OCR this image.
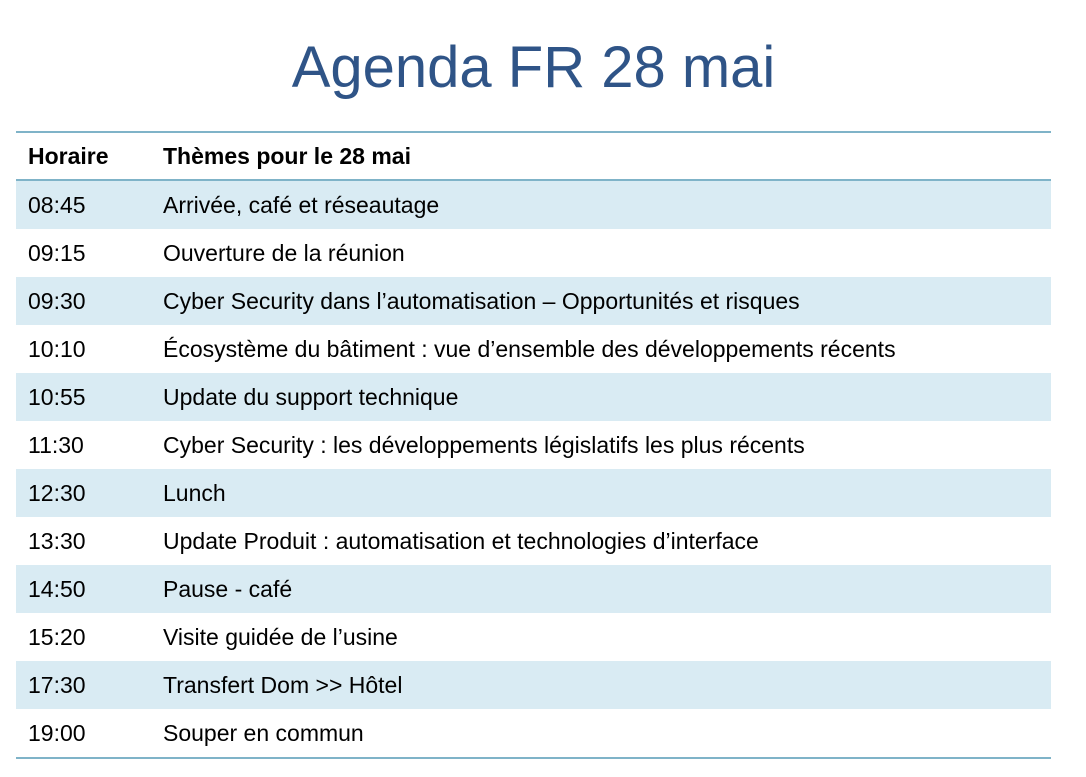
Agenda FR 28 mai
Horaire	Thèmes pour le 28 mai
08:45	Arrivée, café et réseautage
09:15	Ouverture de la réunion
09:30	Cyber Security dans l’automatisation – Opportunités et risques
10:10	Écosystème du bâtiment : vue d’ensemble des développements récents
10:55	Update du support technique
11:30	Cyber Security : les développements législatifs les plus récents
12:30	Lunch
13:30	Update Produit : automatisation et technologies d’interface
14:50	Pause - café
15:20	Visite guidée de l’usine
17:30	Transfert Dom >> Hôtel
19:00	Souper en commun
